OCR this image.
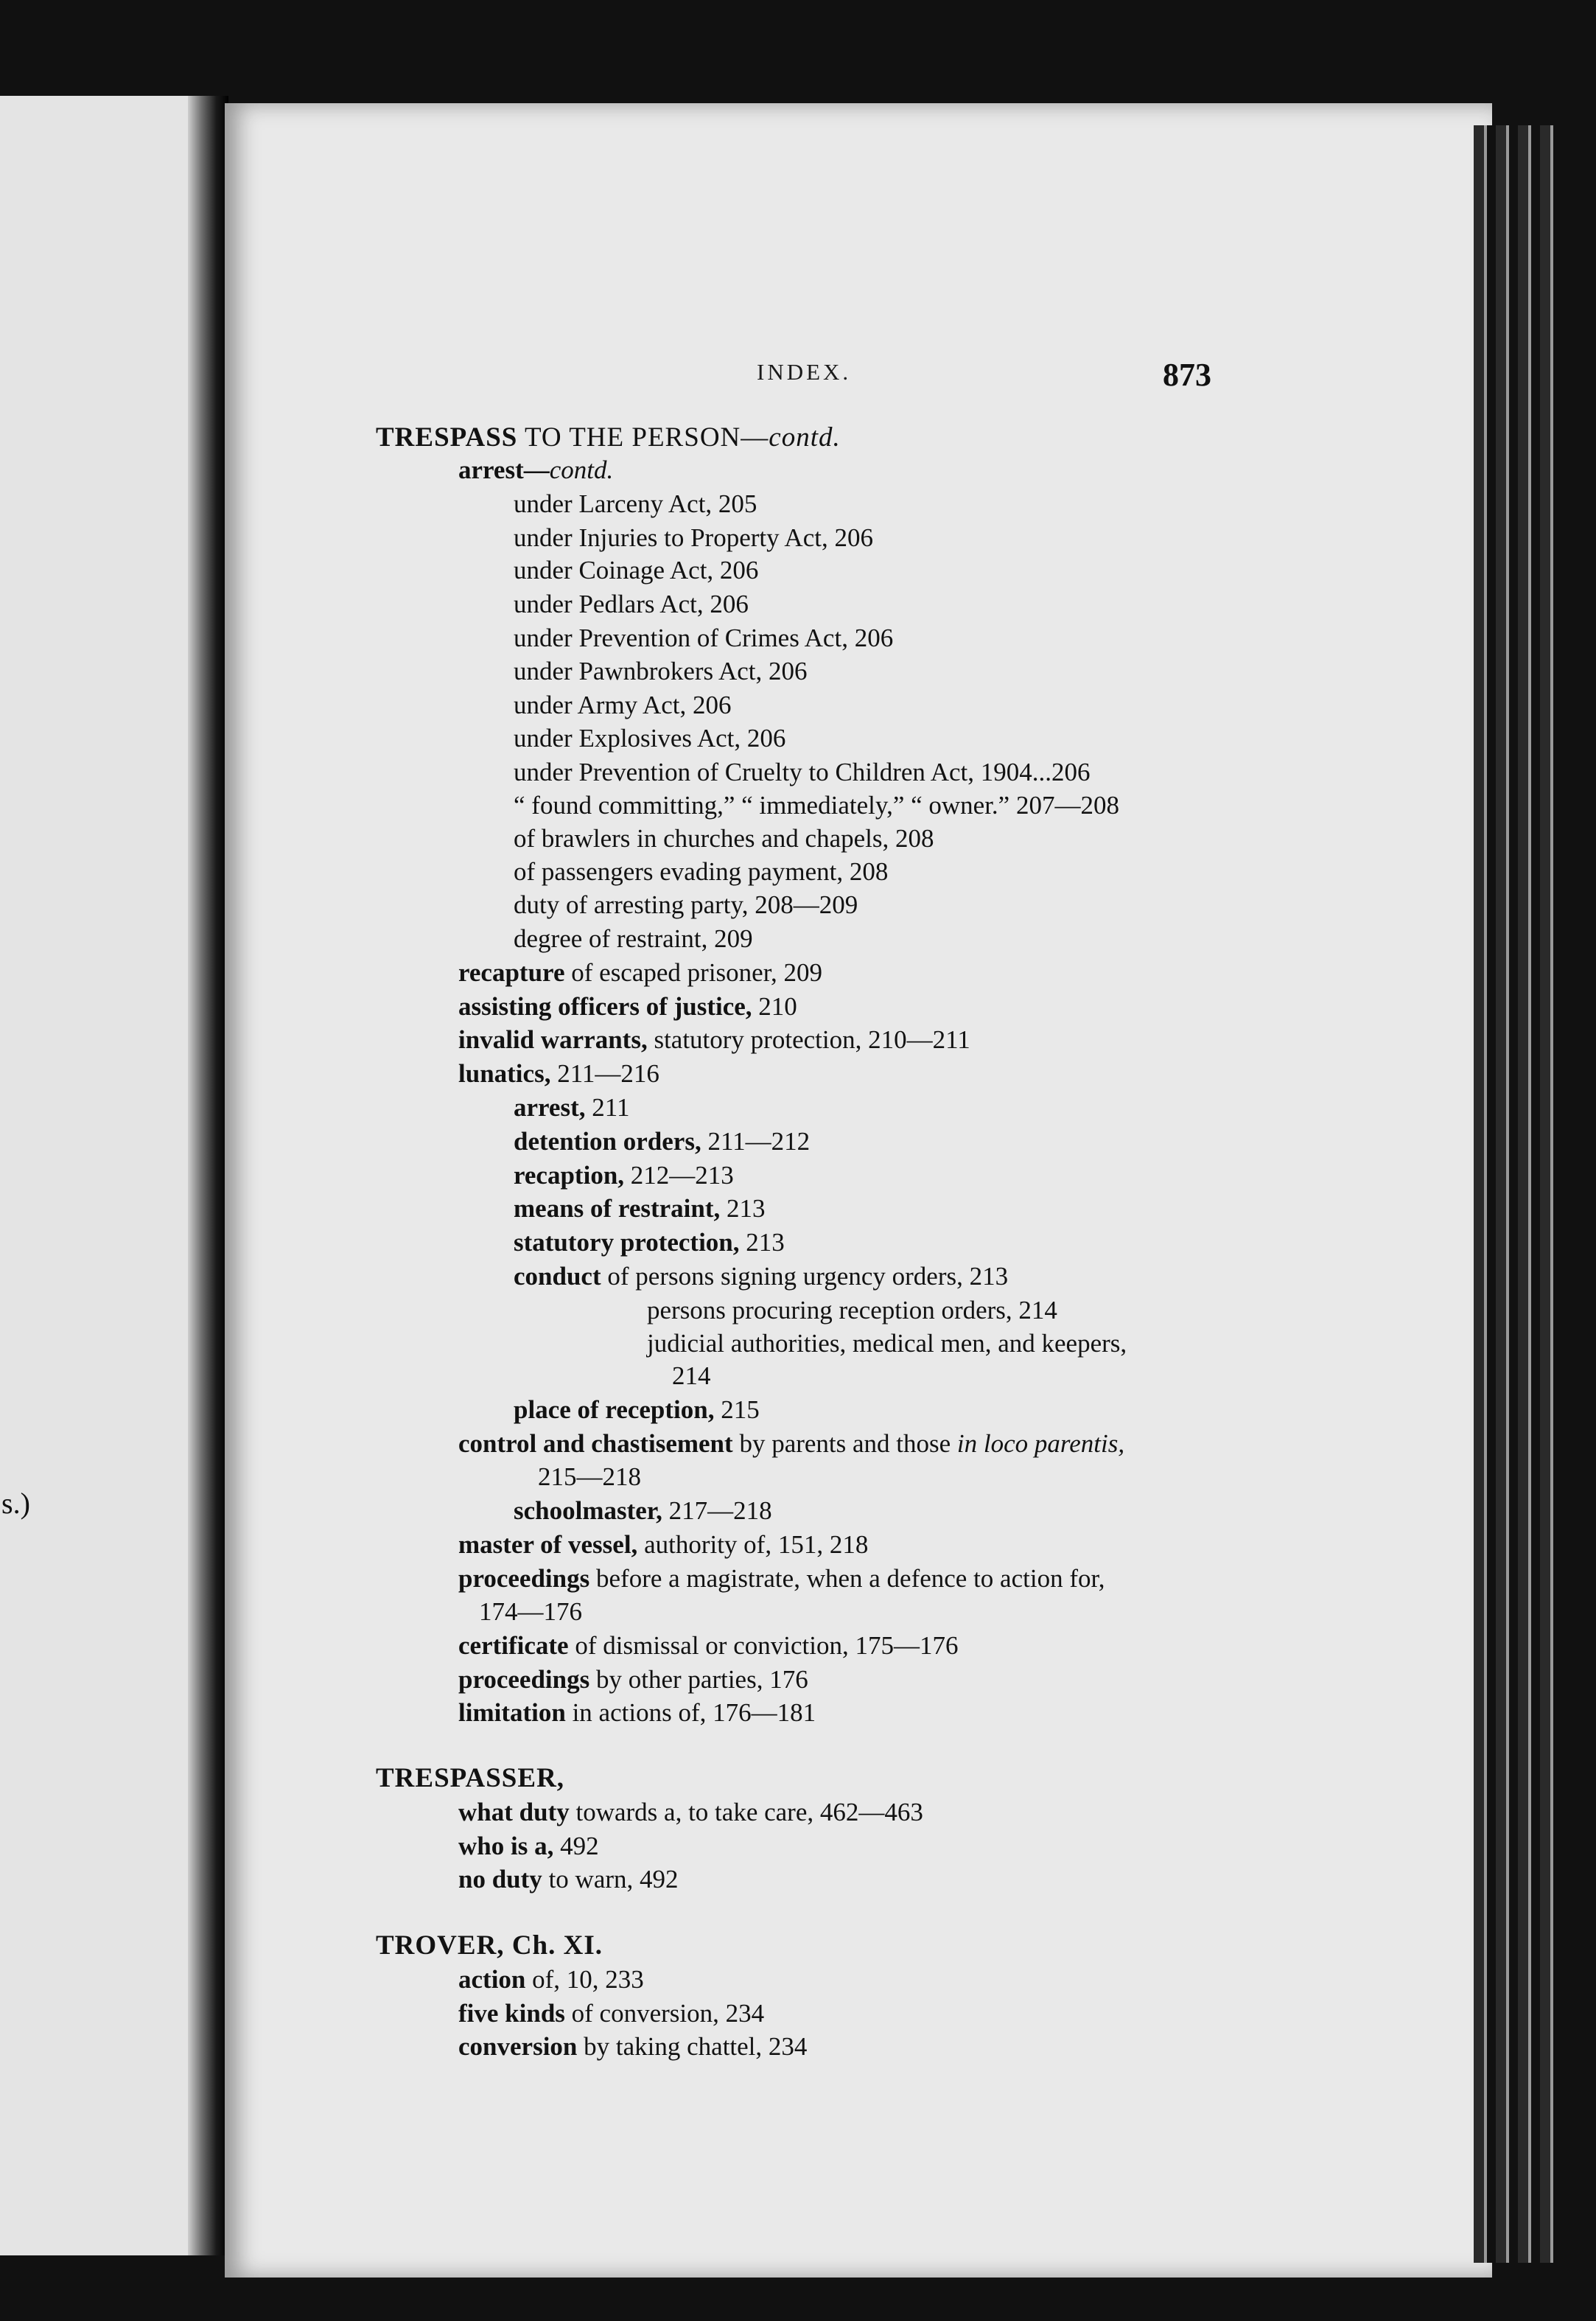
s.)
INDEX.	873
TRESPASS TO THE PERSON—contd.
arrest—contd.
under Larceny Act, 205
under Injuries to Property Act, 206
under Coinage Act, 206
under Pedlars Act, 206
under Prevention of Crimes Act, 206
under Pawnbrokers Act, 206
under Army Act, 206
under Explosives Act, 206
under Prevention of Cruelty to Children Act, 1904...206
“ found committing,” “ immediately,” “ owner.” 207—208
of brawlers in churches and chapels, 208
of passengers evading payment, 208
duty of arresting party, 208—209
degree of restraint, 209
recapture of escaped prisoner, 209
assisting officers of justice, 210
invalid warrants, statutory protection, 210—211
lunatics, 211—216
arrest, 211
detention orders, 211—212
recaption, 212—213
means of restraint, 213
statutory protection, 213
conduct of persons signing urgency orders, 213
persons procuring reception orders, 214
judicial authorities, medical men, and keepers,
214
place of reception, 215
control and chastisement by parents and those in loco parentis,
215—218
schoolmaster, 217—218
master of vessel, authority of, 151, 218
proceedings before a magistrate, when a defence to action for,
174—176
certificate of dismissal or conviction, 175—176
proceedings by other parties, 176
limitation in actions of, 176—181
TRESPASSER,
what duty towards a, to take care, 462—463
who is a, 492
no duty to warn, 492
TROVER, Ch. XI.
action of, 10, 233
five kinds of conversion, 234
conversion by taking chattel, 234
